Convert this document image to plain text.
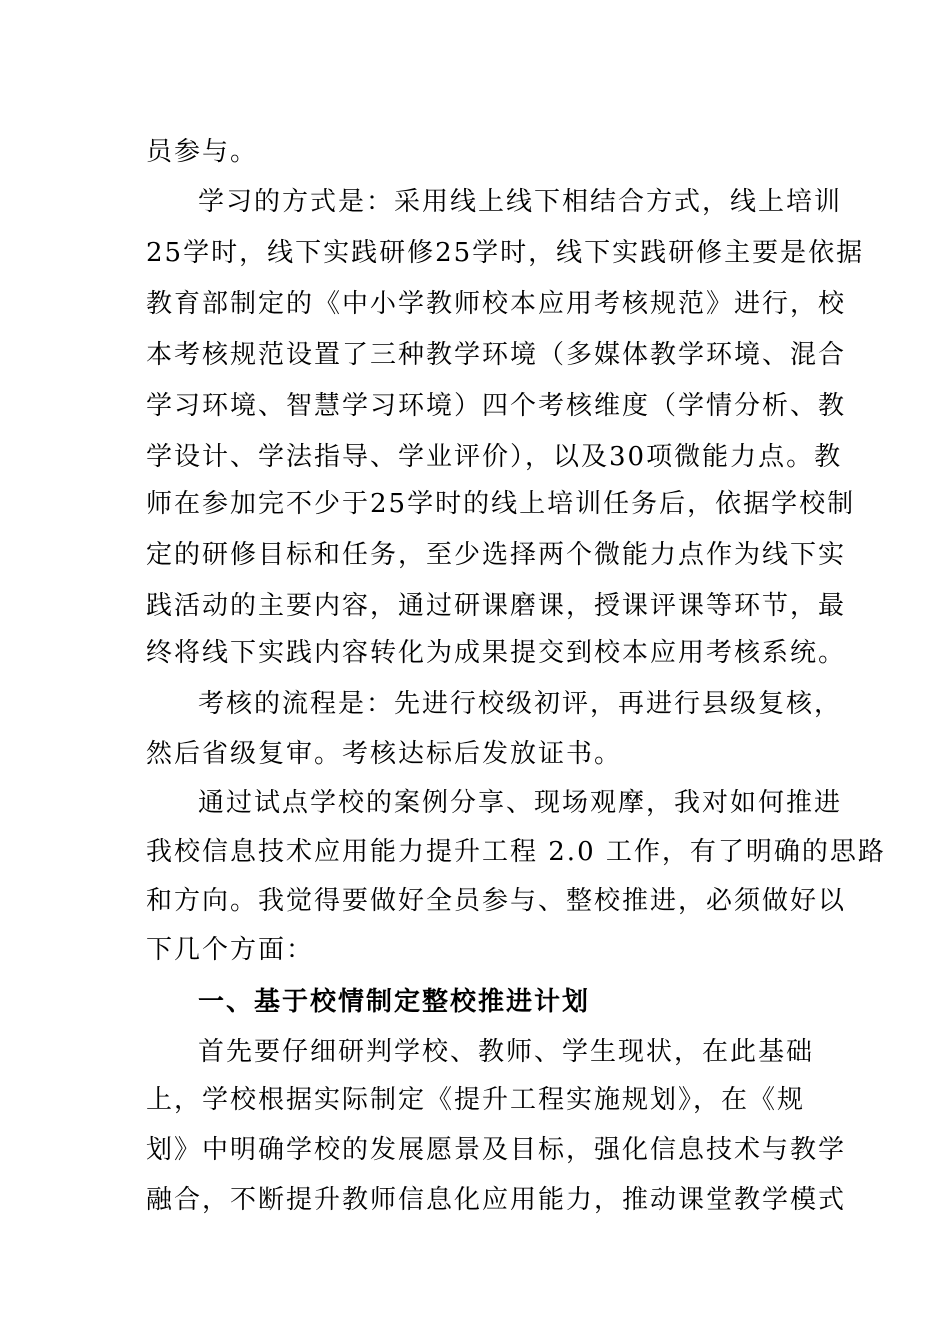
员参与。
学习的方式是：采用线上线下相结合方式，线上培训
25学时，线下实践研修25学时，线下实践研修主要是依据
教育部制定的《中小学教师校本应用考核规范》进行，校
本考核规范设置了三种教学环境（多媒体教学环境、混合
学习环境、智慧学习环境）四个考核维度（学情分析、教
学设计、学法指导、学业评价），以及30项微能力点。教
师在参加完不少于25学时的线上培训任务后，依据学校制
定的研修目标和任务，至少选择两个微能力点作为线下实
践活动的主要内容，通过研课磨课，授课评课等环节，最
终将线下实践内容转化为成果提交到校本应用考核系统。
考核的流程是：先进行校级初评，再进行县级复核，
然后省级复审。考核达标后发放证书。
通过试点学校的案例分享、现场观摩，我对如何推进
我校信息技术应用能力提升工程 2.0 工作，有了明确的思路
和方向。我觉得要做好全员参与、整校推进，必须做好以
下几个方面：
一、基于校情制定整校推进计划
首先要仔细研判学校、教师、学生现状，在此基础
上，学校根据实际制定《提升工程实施规划》，在《规
划》中明确学校的发展愿景及目标，强化信息技术与教学
融合，不断提升教师信息化应用能力，推动课堂教学模式
